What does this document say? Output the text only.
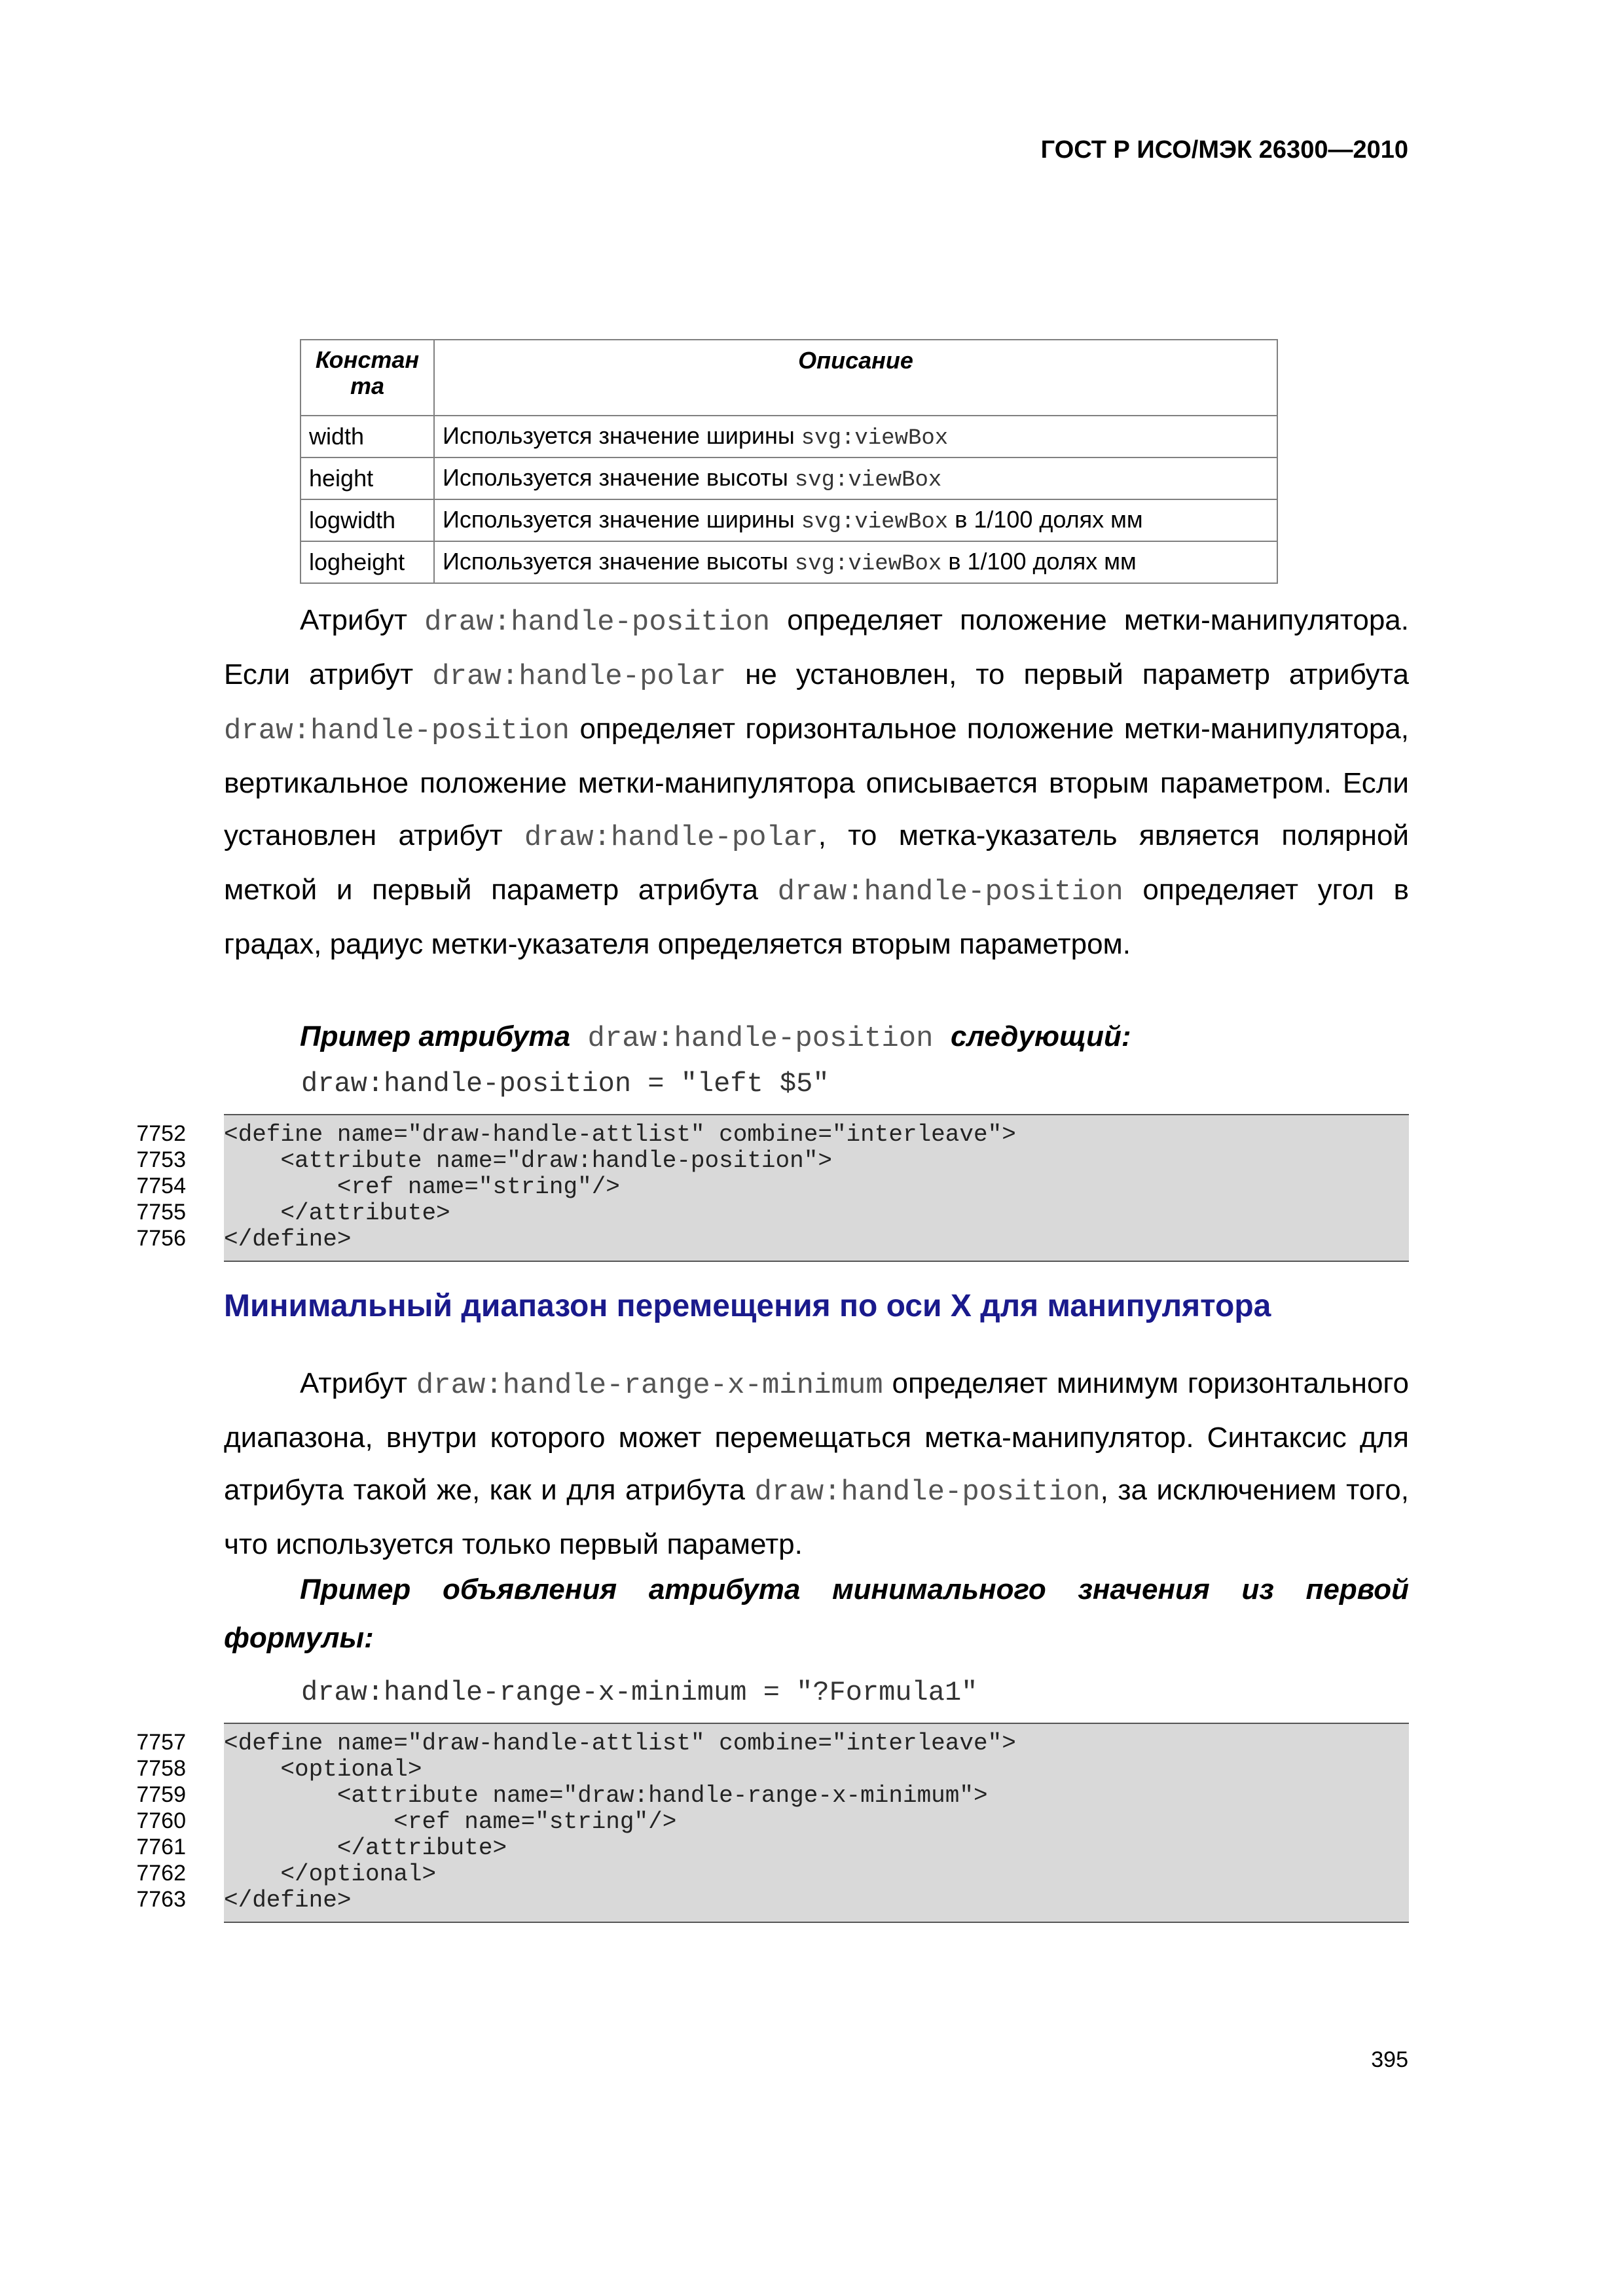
ГОСТ Р ИСО/МЭК 26300—2010
Констан та	Описание
width	Используется значение ширины svg:viewBox
height	Используется значение высоты svg:viewBox
logwidth	Используется значение ширины svg:viewBox в 1/100 долях мм
logheight	Используется значение высоты svg:viewBox в 1/100 долях мм

Атрибут draw:handle-position определяет положение метки-манипулятора. Если атрибут draw:handle-polar не установлен, то первый параметр атрибута draw:handle-position определяет горизонтальное положение метки-манипулятора, вертикальное положение метки-манипулятора описывается вторым параметром. Если установлен атрибут draw:handle-polar, то метка-указатель является полярной меткой и первый параметр атрибута draw:handle-position определяет угол в градах, радиус метки-указателя определяется вторым параметром.

Пример атрибута draw:handle-position следующий:

draw:handle-position = "left $5"
7752
7753
7754
7755
7756
<define name="draw-handle-attlist" combine="interleave">
<attribute name="draw:handle-position">
<ref name="string"/>
</attribute>
</define>
Минимальный диапазон перемещения по оси X для манипулятора

Атрибут draw:handle-range-x-minimum определяет минимум горизонтального диапазона, внутри которого может перемещаться метка-манипулятор. Синтаксис для атрибута такой же, как и для атрибута draw:handle-position, за исключением того, что используется только первый параметр.

Пример объявления атрибута минимального значения из первой формулы:

draw:handle-range-x-minimum = "?Formula1"
7757
7758
7759
7760
7761
7762
7763
<define name="draw-handle-attlist" combine="interleave">
<optional>
<attribute name="draw:handle-range-x-minimum">
<ref name="string"/>
</attribute>
</optional>
</define>
395
